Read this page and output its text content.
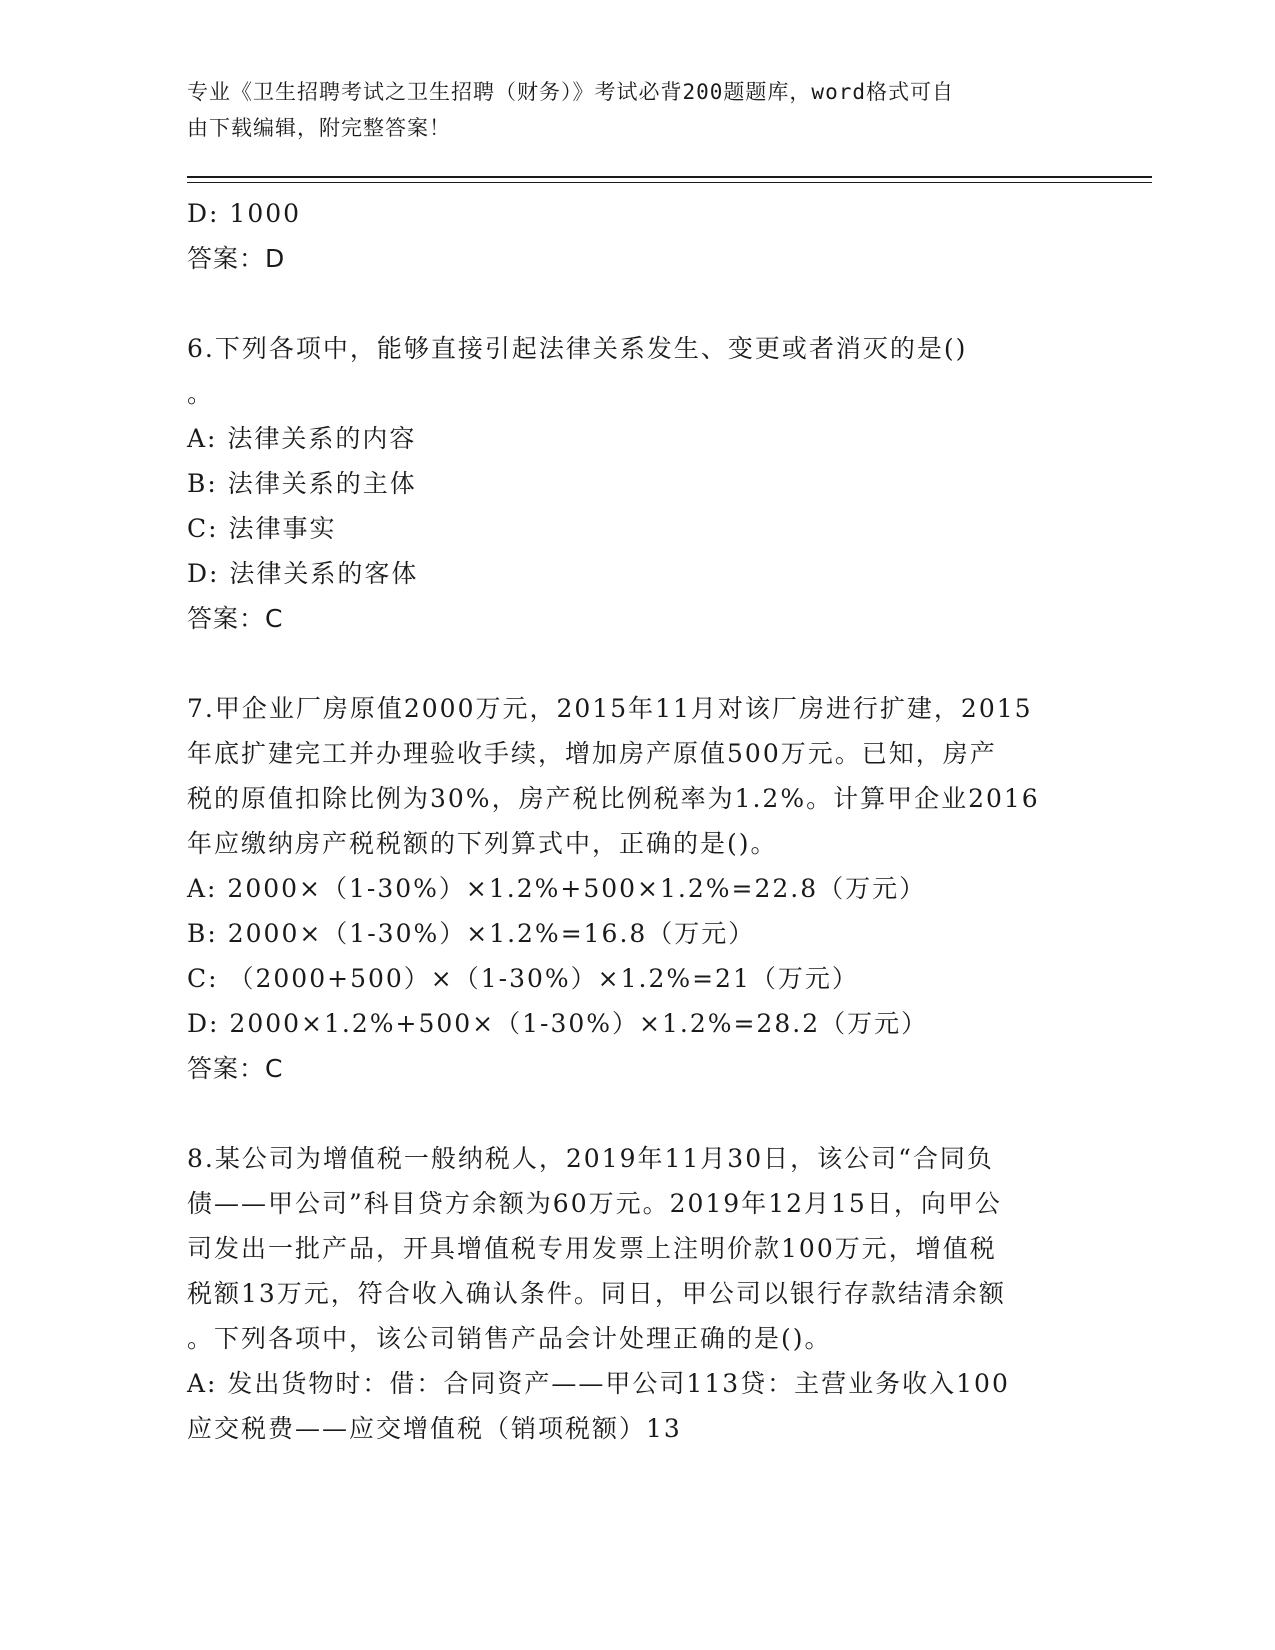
专业《卫生招聘考试之卫生招聘（财务）》考试必背200题题库，word格式可自
由下载编辑，附完整答案！
D: 1000
答案：D
6.下列各项中，能够直接引起法律关系发生、变更或者消灭的是()
。
A: 法律关系的内容
B: 法律关系的主体
C: 法律事实
D: 法律关系的客体
答案：C
7.甲企业厂房原值2000万元，2015年11月对该厂房进行扩建，2015
年底扩建完工并办理验收手续，增加房产原值500万元。已知，房产
税的原值扣除比例为30%，房产税比例税率为1.2%。计算甲企业2016
年应缴纳房产税税额的下列算式中，正确的是()。
A: 2000×（1-30%）×1.2%+500×1.2%=22.8（万元）
B: 2000×（1-30%）×1.2%=16.8（万元）
C: （2000+500）×（1-30%）×1.2%=21（万元）
D: 2000×1.2%+500×（1-30%）×1.2%=28.2（万元）
答案：C
8.某公司为增值税一般纳税人，2019年11月30日，该公司“合同负
债——甲公司”科目贷方余额为60万元。2019年12月15日，向甲公
司发出一批产品，开具增值税专用发票上注明价款100万元，增值税
税额13万元，符合收入确认条件。同日，甲公司以银行存款结清余额
。下列各项中，该公司销售产品会计处理正确的是()。
A: 发出货物时：借：合同资产——甲公司113贷：主营业务收入100
应交税费——应交增值税（销项税额）13
